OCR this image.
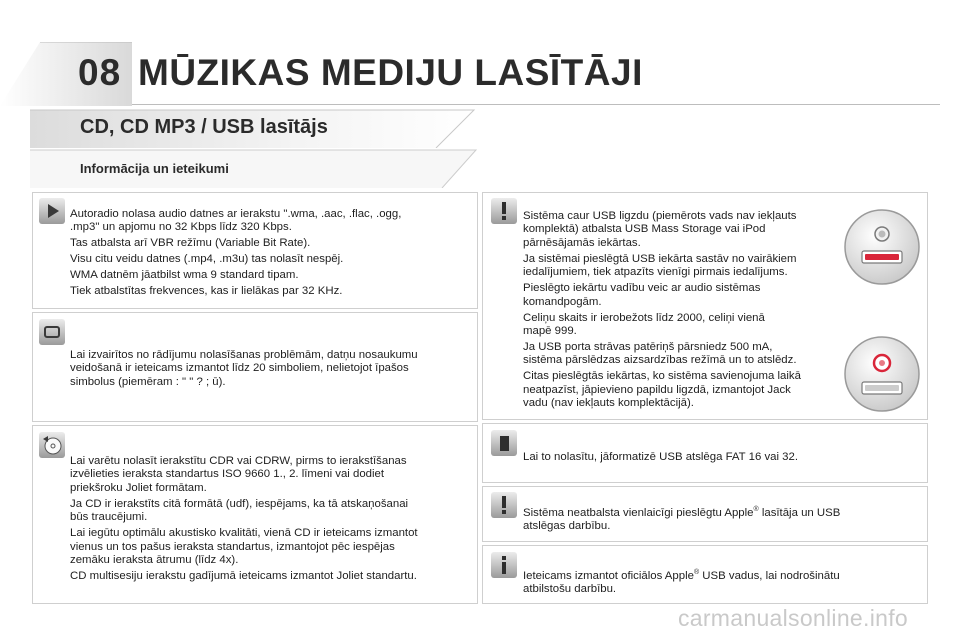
08 MŪZIKAS MEDIJU LASĪTĀJI
CD, CD MP3 / USB lasītājs
Informācija un ieteikumi

Autoradio nolasa audio datnes ar ierakstu ".wma, .aac, .flac, .ogg,
.mp3" un apjomu no 32 Kbps līdz 320 Kbps.

Tas atbalsta arī VBR režīmu (Variable Bit Rate).

Visu citu veidu datnes (.mp4, .m3u) tas nolasīt nespēj.

WMA datnēm jāatbilst wma 9 standard tipam.

Tiek atbalstītas frekvences, kas ir lielākas par 32 KHz.

Lai izvairītos no rādījumu nolasīšanas problēmām, datņu nosaukumu
veidošanā ir ieteicams izmantot līdz 20 simboliem, nelietojot īpašos
simbolus (piemēram : " " ? ; ū).

Lai varētu nolasīt ierakstītu CDR vai CDRW, pirms to ierakstīšanas
izvēlieties ieraksta standartus ISO 9660 1., 2. līmeni vai dodiet
priekšroku Joliet formātam.

Ja CD ir ierakstīts citā formātā (udf), iespējams, ka tā atskaņošanai
būs traucējumi.

Lai iegūtu optimālu akustisko kvalitāti, vienā CD ir ieteicams izmantot
vienus un tos pašus ieraksta standartus, izmantojot pēc iespējas
zemāku ieraksta ātrumu (līdz 4x).

CD multisesiju ierakstu gadījumā ieteicams izmantot Joliet standartu.

Sistēma caur USB ligzdu (piemērots vads nav iekļauts
komplektā) atbalsta USB Mass Storage vai iPod
pārnēsājamās iekārtas.

Ja sistēmai pieslēgtā USB iekārta sastāv no vairākiem
iedalījumiem, tiek atpazīts vienīgi pirmais iedalījums.

Pieslēgto iekārtu vadību veic ar audio sistēmas
komandpogām.

Celiņu skaits ir ierobežots līdz 2000, celiņi vienā
mapē 999.

Ja USB porta strāvas patēriņš pārsniedz 500 mA,
sistēma pārslēdzas aizsardzības režīmā un to atslēdz.

Citas pieslēgtās iekārtas, ko sistēma savienojuma laikā
neatpazīst, jāpievieno papildu ligzdā, izmantojot Jack
vadu (nav iekļauts komplektācijā).

Lai to nolasītu, jāformatizē USB atslēga FAT 16 vai 32.
Sistēma neatbalsta vienlaicīgi pieslēgtu Apple® lasītāja un USB
atslēgas darbību.
Ieteicams izmantot oficiālos Apple® USB vadus, lai nodrošinātu
atbilstošu darbību.
carmanualsonline.info
